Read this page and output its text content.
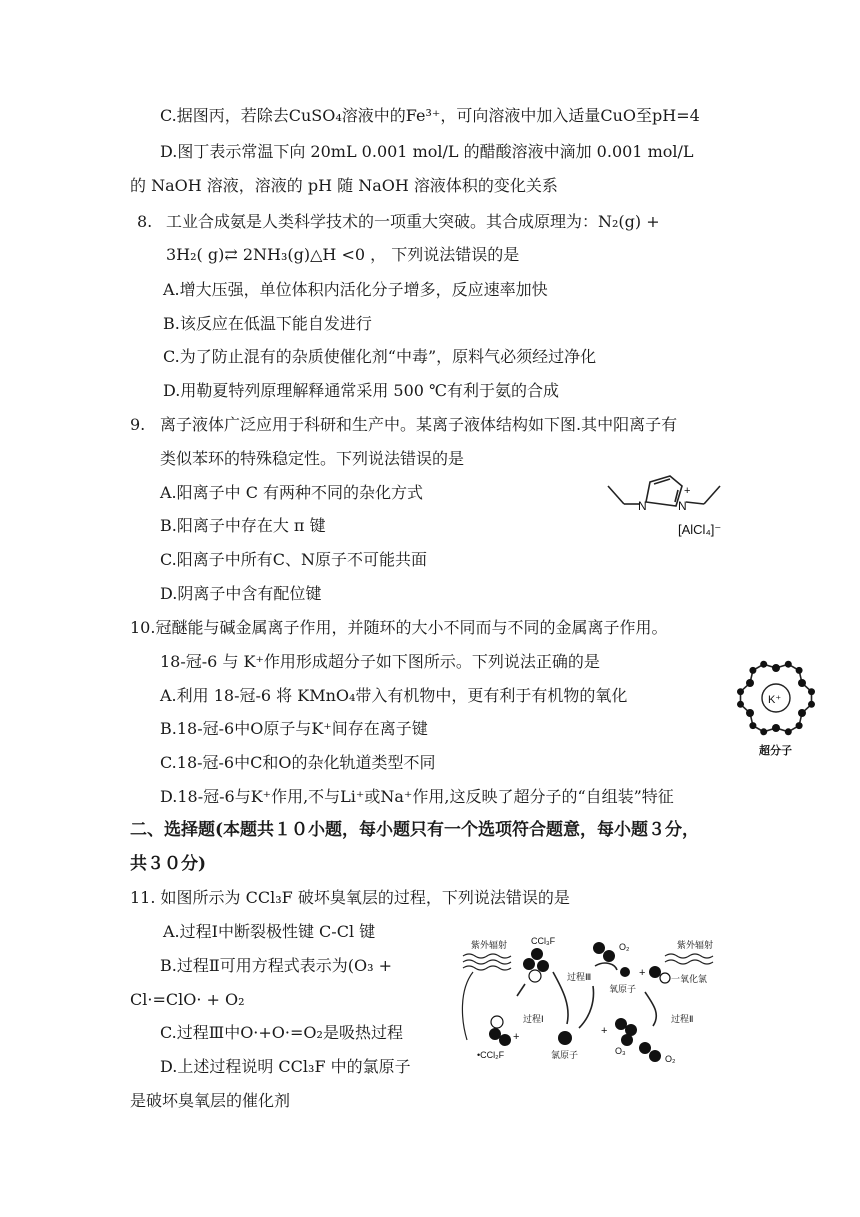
C.据图丙，若除去CuSO₄溶液中的Fe³⁺，可向溶液中加入适量CuO至pH=4
D.图丁表示常温下向 20mL 0.001 mol/L 的醋酸溶液中滴加 0.001 mol/L
的 NaOH 溶液，溶液的 pH 随 NaOH 溶液体积的变化关系
8. 工业合成氨是人类科学技术的一项重大突破。其合成原理为：N₂(g) +
3H₂( g)⇄ 2NH₃(g)△H <0 ， 下列说法错误的是
A.增大压强，单位体积内活化分子增多，反应速率加快
B.该反应在低温下能自发进行
C.为了防止混有的杂质使催化剂“中毒”，原料气必须经过净化
D.用勒夏特列原理解释通常采用 500 ℃有利于氨的合成
9. 离子液体广泛应用于科研和生产中。某离子液体结构如下图.其中阳离子有
类似苯环的特殊稳定性。下列说法错误的是
A.阳离子中 C 有两种不同的杂化方式
B.阳离子中存在大 π 键
C.阳离子中所有C、N原子不可能共面
D.阴离子中含有配位键
N	N
+
[AlCl₄]⁻
10.冠醚能与碱金属离子作用，并随环的大小不同而与不同的金属离子作用。
18-冠-6 与 K⁺作用形成超分子如下图所示。下列说法正确的是
A.利用 18-冠-6 将 KMnO₄带入有机物中，更有利于有机物的氧化
B.18-冠-6中O原子与K⁺间存在离子键
C.18-冠-6中C和O的杂化轨道类型不同
D.18-冠-6与K⁺作用,不与Li⁺或Na⁺作用,这反映了超分子的“自组装”特征
K⁺
超分子
二、选择题(本题共１０小题，每小题只有一个选项符合题意，每小题３分，
共３０分)
11. 如图所示为 CCl₃F 破坏臭氧层的过程，下列说法错误的是
A.过程Ⅰ中断裂极性键 C-Cl 键
B.过程Ⅱ可用方程式表示为(O₃ +
Cl·=ClO· + O₂
C.过程Ⅲ中O·+O·=O₂是吸热过程
D.上述过程说明 CCl₃F 中的氯原子
是破坏臭氧层的催化剂
紫外辐射	CCl₃F
过程Ⅰ
•CCl₂F
+
氯原子
O₂
过程Ⅲ	+
氧原子
一氧化氯
紫外辐射
过程Ⅱ
+
O₃
O₂
